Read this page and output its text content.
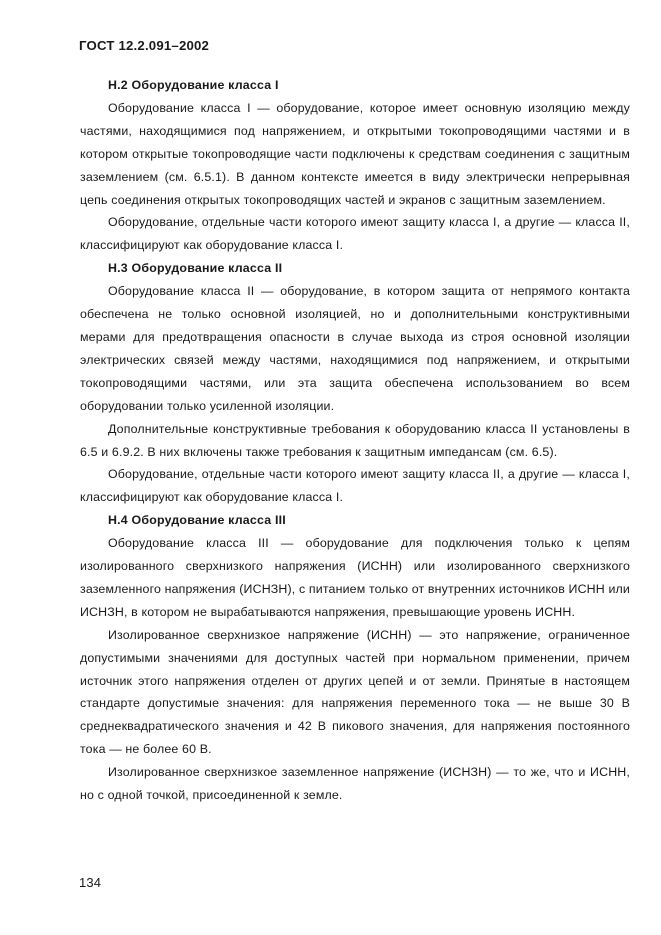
ГОСТ 12.2.091–2002
Н.2 Оборудование класса I

Оборудование класса I — оборудование, которое имеет основную изоляцию между частями, находящимися под напряжением, и открытыми токопроводящими частями и в котором открытые токопроводящие части подключены к средствам соединения с защитным заземлением (см. 6.5.1). В данном контексте имеется в виду электрически непрерывная цепь соединения открытых токопроводящих частей и экранов с защитным заземлением.

Оборудование, отдельные части которого имеют защиту класса I, а другие — класса II, классифицируют как оборудование класса I.

Н.3 Оборудование класса II

Оборудование класса II — оборудование, в котором защита от непрямого контакта обеспечена не только основной изоляцией, но и дополнительными конструктивными мерами для предотвращения опасности в случае выхода из строя основной изоляции электрических связей между частями, находящимися под напряжением, и открытыми токопроводящими частями, или эта защита обеспечена использованием во всем оборудовании только усиленной изоляции.

Дополнительные конструктивные требования к оборудованию класса II установлены в 6.5 и 6.9.2. В них включены также требования к защитным импедансам (см. 6.5).

Оборудование, отдельные части которого имеют защиту класса II, а другие — класса I, классифицируют как оборудование класса I.

Н.4 Оборудование класса III

Оборудование класса III — оборудование для подключения только к цепям изолированного сверхнизкого напряжения (ИСНН) или изолированного сверхнизкого заземленного напряжения (ИСНЗН), с питанием только от внутренних источников ИСНН или ИСНЗН, в котором не вырабатываются напряжения, превышающие уровень ИСНН.

Изолированное сверхнизкое напряжение (ИСНН) — это напряжение, ограниченное допустимыми значениями для доступных частей при нормальном применении, причем источник этого напряжения отделен от других цепей и от земли. Принятые в настоящем стандарте допустимые значения: для напряжения переменного тока — не выше 30 В среднеквадратического значения и 42 В пикового значения, для напряжения постоянного тока — не более 60 В.

Изолированное сверхнизкое заземленное напряжение (ИСНЗН) — то же, что и ИСНН, но с одной точкой, присоединенной к земле.

134
